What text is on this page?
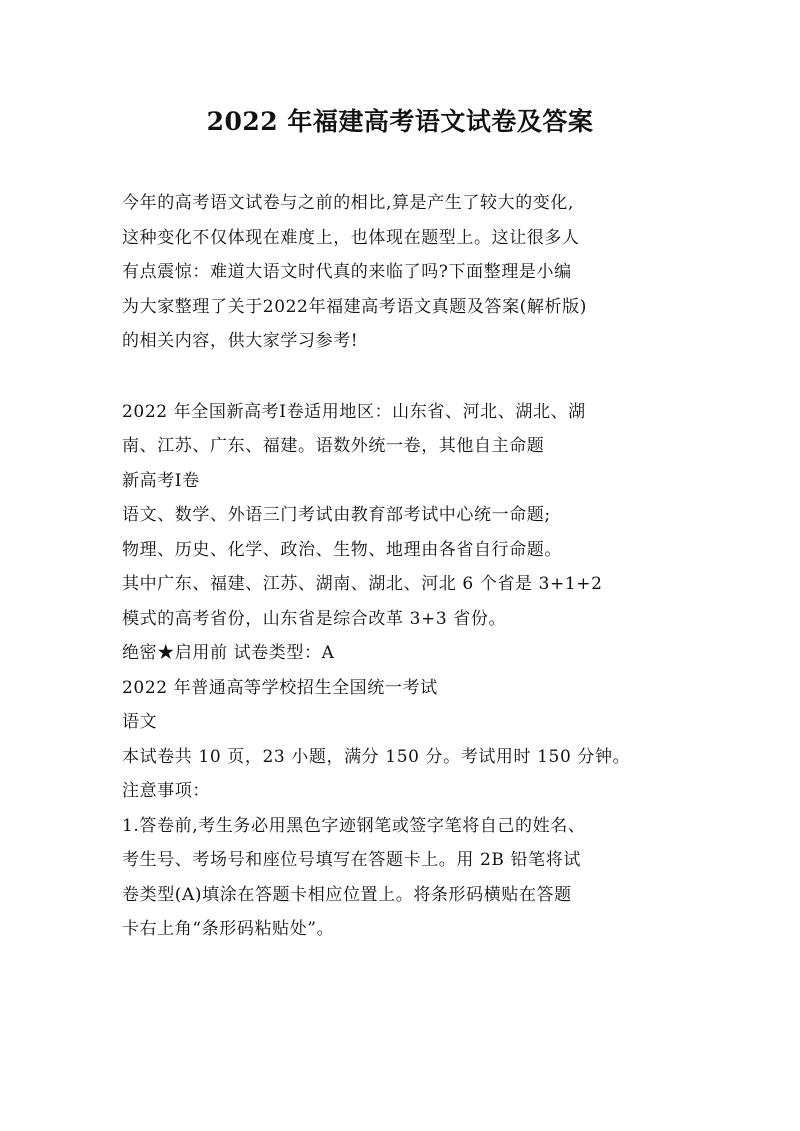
2022 年福建高考语文试卷及答案
今年的高考语文试卷与之前的相比,算是产生了较大的变化,
这种变化不仅体现在难度上，也体现在题型上。这让很多人
有点震惊：难道大语文时代真的来临了吗?下面整理是小编
为大家整理了关于2022年福建高考语文真题及答案(解析版)
的相关内容，供大家学习参考!
2022 年全国新高考Ⅰ卷适用地区：山东省、河北、湖北、湖
南、江苏、广东、福建。语数外统一卷，其他自主命题
新高考Ⅰ卷
语文、数学、外语三门考试由教育部考试中心统一命题;
物理、历史、化学、政治、生物、地理由各省自行命题。
其中广东、福建、江苏、湖南、湖北、河北 6 个省是 3+1+2
模式的高考省份，山东省是综合改革 3+3 省份。
绝密★启用前 试卷类型：A
2022 年普通高等学校招生全国统一考试
语文
本试卷共 10 页，23 小题，满分 150 分。考试用时 150 分钟。
注意事项：
1.答卷前,考生务必用黑色字迹钢笔或签字笔将自己的姓名、
考生号、考场号和座位号填写在答题卡上。用 2B 铅笔将试
卷类型(A)填涂在答题卡相应位置上。将条形码横贴在答题
卡右上角“条形码粘贴处”。
